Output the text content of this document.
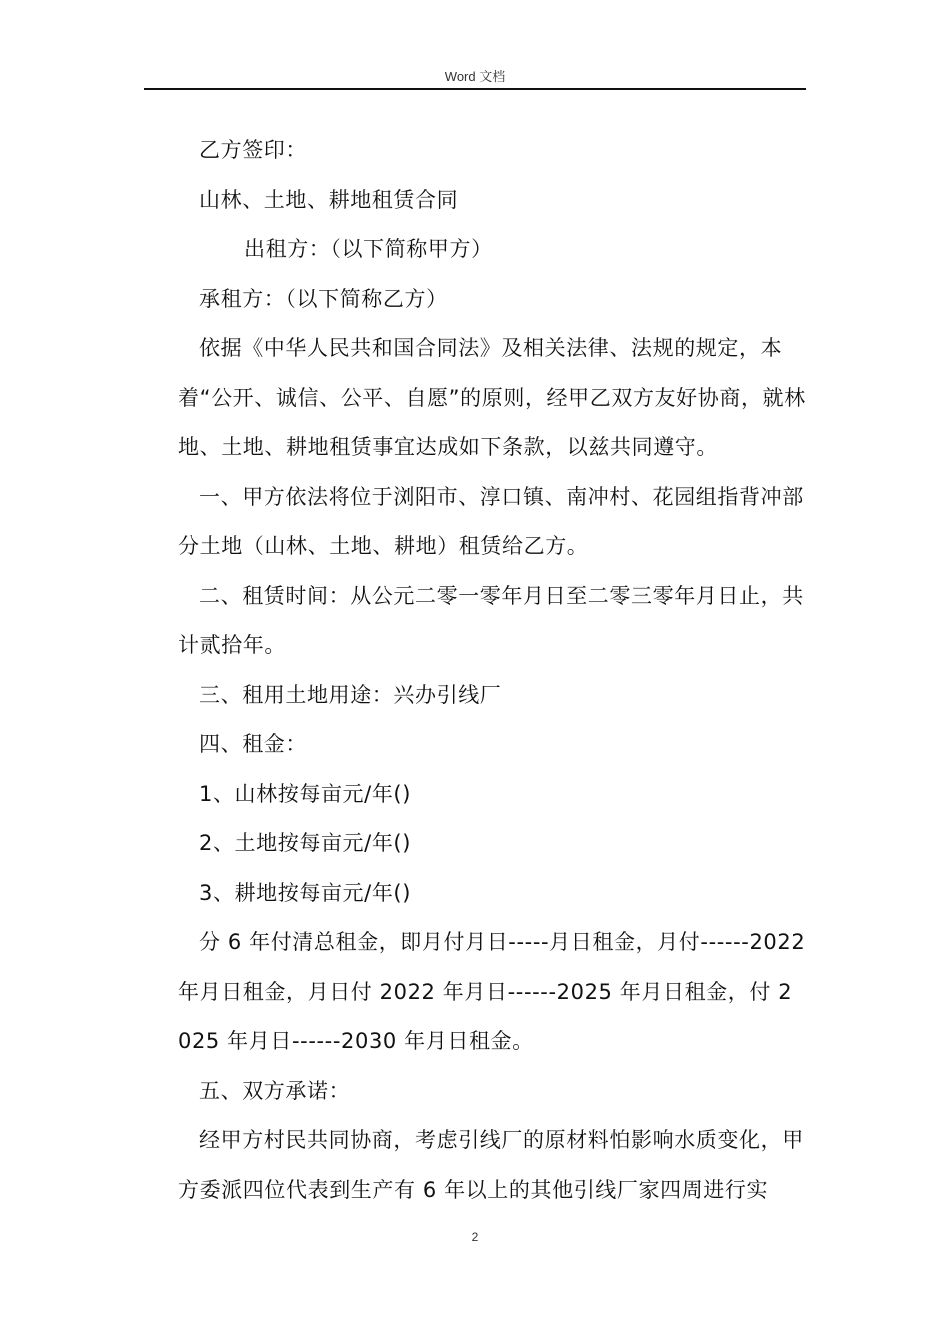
Word 文档

乙方签印：

山林、土地、耕地租赁合同

出租方：（以下简称甲方）

承租方：（以下简称乙方）

依据《中华人民共和国合同法》及相关法律、法规的规定，本着“公开、诚信、公平、自愿”的原则，经甲乙双方友好协商，就林地、土地、耕地租赁事宜达成如下条款，以兹共同遵守。

一、甲方依法将位于浏阳市、淳口镇、南冲村、花园组指背冲部分土地（山林、土地、耕地）租赁给乙方。

二、租赁时间：从公元二零一零年月日至二零三零年月日止，共计贰拾年。

三、租用土地用途：兴办引线厂

四、租金：

1、山林按每亩元/年()

2、土地按每亩元/年()

3、耕地按每亩元/年()

分 6 年付清总租金，即月付月日-----月日租金，月付------2022 年月日租金，月日付 2022 年月日------2025 年月日租金，付 2025 年月日------2030 年月日租金。

五、双方承诺：

经甲方村民共同协商，考虑引线厂的原材料怕影响水质变化，甲方委派四位代表到生产有 6 年以上的其他引线厂家四周进行实

2
